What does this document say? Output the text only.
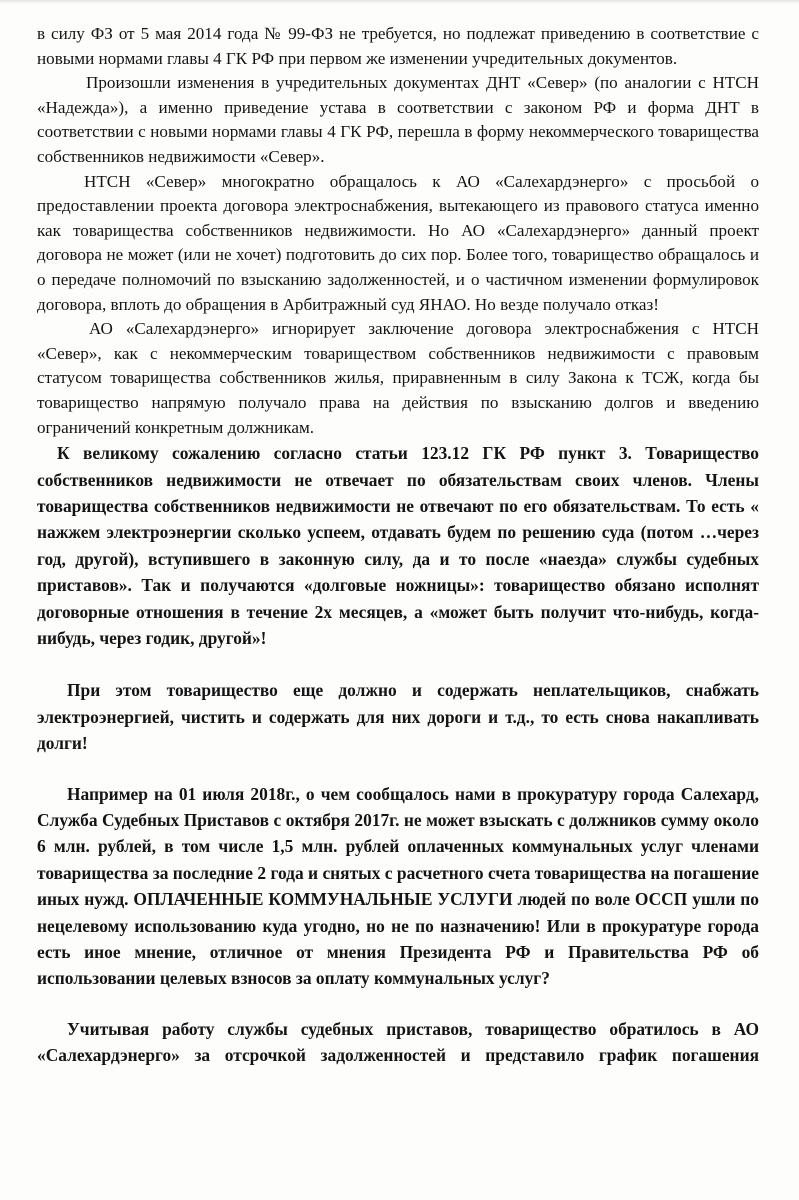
в силу ФЗ от 5 мая 2014 года № 99-ФЗ не требуется, но подлежат приведению в соответствие с новыми нормами главы 4 ГК РФ при первом же изменении учредительных документов.

Произошли изменения в учредительных документах ДНТ «Север» (по аналогии с НТСН «Надежда»), а именно приведение устава в соответствии с законом РФ и форма ДНТ в соответствии с новыми нормами главы 4 ГК РФ, перешла в форму некоммерческого товарищества собственников недвижимости «Север».

НТСН «Север» многократно обращалось к АО «Салехардэнерго» с просьбой о предоставлении проекта договора электроснабжения, вытекающего из правового статуса именно как товарищества собственников недвижимости. Но АО «Салехардэнерго» данный проект договора не может (или не хочет) подготовить до сих пор. Более того, товарищество обращалось и о передаче полномочий по взысканию задолженностей, и о частичном изменении формулировок договора, вплоть до обращения в Арбитражный суд ЯНАО. Но везде получало отказ!

АО «Салехардэнерго» игнорирует заключение договора электроснабжения с НТСН «Север», как с некоммерческим товариществом собственников недвижимости с правовым статусом товарищества собственников жилья, приравненным в силу Закона к ТСЖ, когда бы товарищество напрямую получало права на действия по взысканию долгов и введению ограничений конкретным должникам.

К великому сожалению согласно статьи 123.12 ГК РФ пункт 3. Товарищество собственников недвижимости не отвечает по обязательствам своих членов. Члены товарищества собственников недвижимости не отвечают по его обязательствам. То есть « нажжем электроэнергии сколько успеем, отдавать будем по решению суда (потом …через год, другой), вступившего в законную силу, да и то после «наезда» службы судебных приставов». Так и получаются «долговые ножницы»: товарищество обязано исполнят договорные отношения в течение 2х месяцев, а «может быть получит что-нибудь, когда-нибудь, через годик, другой»!

При этом товарищество еще должно и содержать неплательщиков, снабжать электроэнергией, чистить и содержать для них дороги и т.д., то есть снова накапливать долги!

Например на 01 июля 2018г., о чем сообщалось нами в прокуратуру города Салехард, Служба Судебных Приставов с октября 2017г. не может взыскать с должников сумму около 6 млн. рублей, в том числе 1,5 млн. рублей оплаченных коммунальных услуг членами товарищества за последние 2 года и снятых с расчетного счета товарищества на погашение иных нужд. ОПЛАЧЕННЫЕ КОММУНАЛЬНЫЕ УСЛУГИ людей по воле ОССП ушли по нецелевому использованию куда угодно, но не по назначению! Или в прокуратуре города есть иное мнение, отличное от мнения Президента РФ и Правительства РФ об использовании целевых взносов за оплату коммунальных услуг?

Учитывая работу службы судебных приставов, товарищество обратилось в АО «Салехардэнерго» за отсрочкой задолженностей и представило график погашения
